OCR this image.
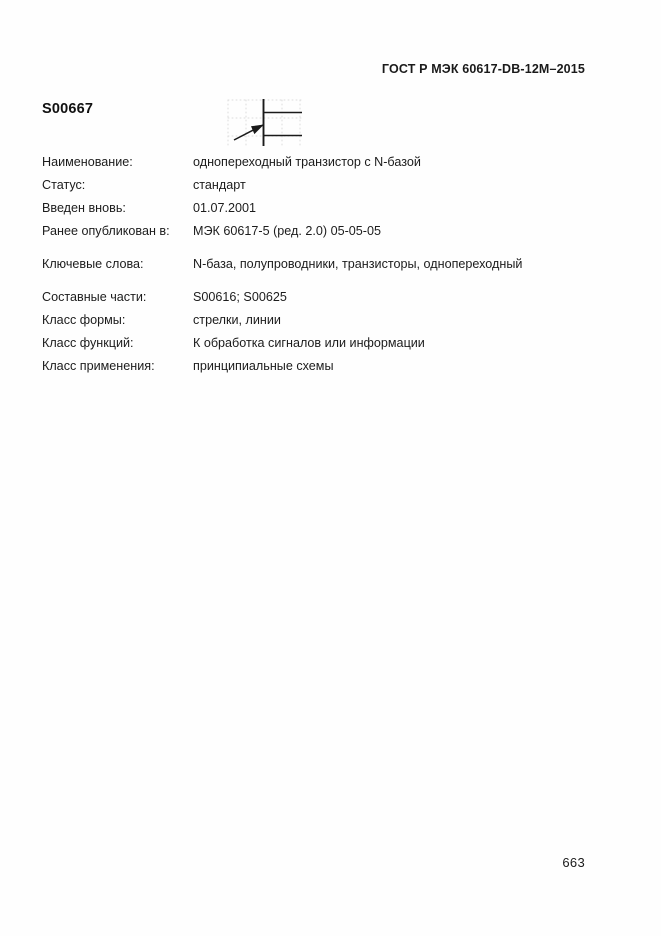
ГОСТ Р МЭК 60617-DB-12М–2015
S00667
Наименование:	однопереходный транзистор с N-базой
Статус:	стандарт
Введен вновь:	01.07.2001
Ранее опубликован в:	МЭК 60617-5 (ред. 2.0) 05-05-05
Ключевые слова:	N-база, полупроводники, транзисторы, однопереходный
Составные части:	S00616; S00625
Класс формы:	стрелки, линии
Класс функций:	К обработка сигналов или информации
Класс применения:	принципиальные схемы
663
